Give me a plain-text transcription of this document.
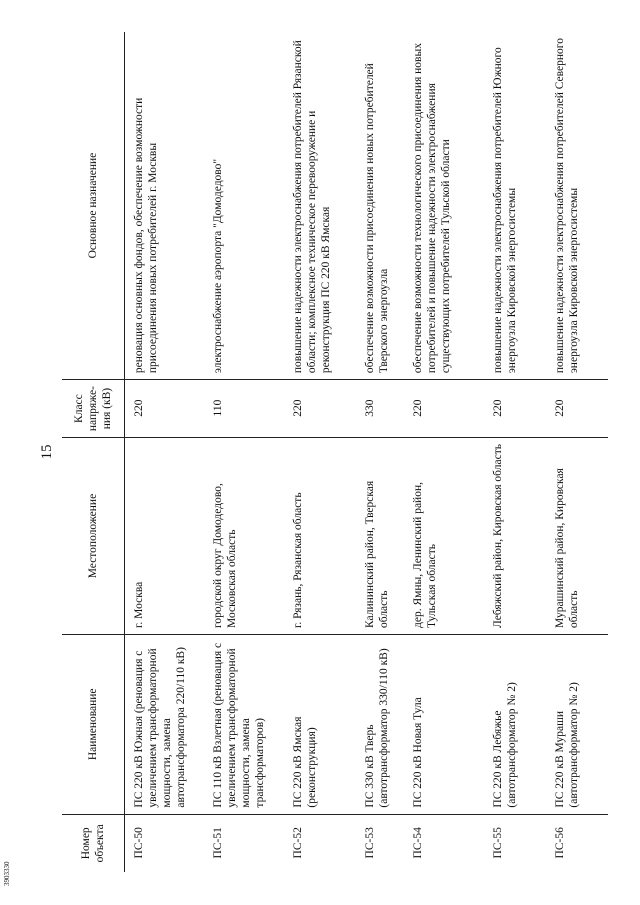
15
Номер объекта	Наименование	Местоположение	Класс напряже-ния (кВ)	Основное назначение
ПС-50	ПС 220 кВ Южная (реновация с увеличением трансформаторной мощности, замена автотрансформатора 220/110 кВ)	г. Москва	220	реновация основных фондов, обеспечение возможности присоединения новых потребителей г. Москвы
ПС-51	ПС 110 кВ Взлетная (реновация с увеличением трансформаторной мощности, замена трансформаторов)	городской округ Домодедово, Московская область	110	электроснабжение аэропорта "Домодедово"
ПС-52	ПС 220 кВ Ямская (реконструкция)	г. Рязань, Рязанская область	220	повышение надежности электроснабжения потребителей Рязанской области; комплексное техническое перевооружение и реконструкция ПС 220 кВ Ямская
ПС-53	ПС 330 кВ Тверь (автотрансформатор 330/110 кВ)	Калининский район, Тверская область	330	обеспечение возможности присоединения новых потребителей Тверского энергоузла
ПС-54	ПС 220 кВ Новая Тула	дер. Ямны, Ленинский район, Тульская область	220	обеспечение возможности технологического присоединения новых потребителей и повышение надежности электроснабжения существующих потребителей Тульской области
ПС-55	ПС 220 кВ Лебяжье (автотрансформатор № 2)	Лебяжский район, Кировская область	220	повышение надежности электроснабжения потребителей Южного энергоузла Кировской энергосистемы
ПС-56	ПС 220 кВ Мураши (автотрансформатор № 2)	Мурашинский район, Кировская область	220	повышение надежности электроснабжения потребителей Северного энергоузла Кировской энергосистемы
3903330
